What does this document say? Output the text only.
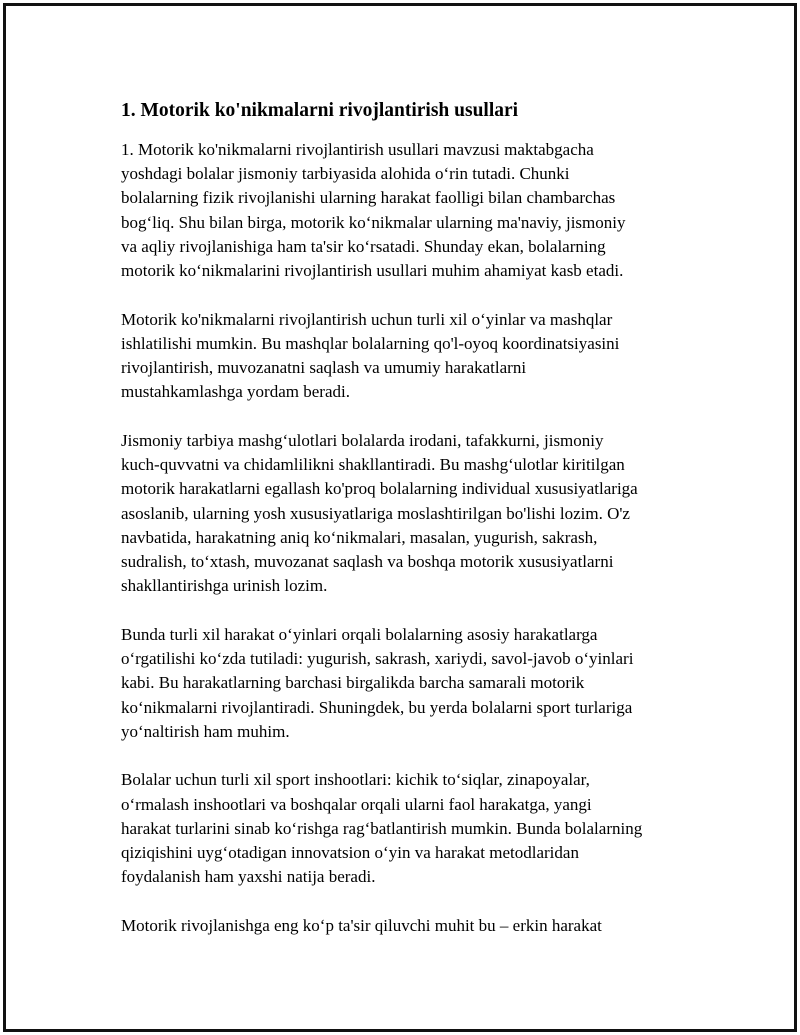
1. Motorik ko'nikmalarni rivojlantirish usullari

1. Motorik ko'nikmalarni rivojlantirish usullari mavzusi maktabgacha
yoshdagi bolalar jismoniy tarbiyasida alohida o‘rin tutadi. Chunki
bolalarning fizik rivojlanishi ularning harakat faolligi bilan chambarchas
bog‘liq. Shu bilan birga, motorik ko‘nikmalar ularning ma'naviy, jismoniy
va aqliy rivojlanishiga ham ta'sir ko‘rsatadi. Shunday ekan, bolalarning
motorik ko‘nikmalarini rivojlantirish usullari muhim ahamiyat kasb etadi.

Motorik ko'nikmalarni rivojlantirish uchun turli xil o‘yinlar va mashqlar
ishlatilishi mumkin. Bu mashqlar bolalarning qo'l-oyoq koordinatsiyasini
rivojlantirish, muvozanatni saqlash va umumiy harakatlarni
mustahkamlashga yordam beradi.

Jismoniy tarbiya mashg‘ulotlari bolalarda irodani, tafakkurni, jismoniy
kuch-quvvatni va chidamlilikni shakllantiradi. Bu mashg‘ulotlar kiritilgan
motorik harakatlarni egallash ko'proq bolalarning individual xususiyatlariga
asoslanib, ularning yosh xususiyatlariga moslashtirilgan bo'lishi lozim. O'z
navbatida, harakatning aniq ko‘nikmalari, masalan, yugurish, sakrash,
sudralish, to‘xtash, muvozanat saqlash va boshqa motorik xususiyatlarni
shakllantirishga urinish lozim.

Bunda turli xil harakat o‘yinlari orqali bolalarning asosiy harakatlarga
o‘rgatilishi ko‘zda tutiladi: yugurish, sakrash, xariydi, savol-javob o‘yinlari
kabi. Bu harakatlarning barchasi birgalikda barcha samarali motorik
ko‘nikmalarni rivojlantiradi. Shuningdek, bu yerda bolalarni sport turlariga
yo‘naltirish ham muhim.

Bolalar uchun turli xil sport inshootlari: kichik to‘siqlar, zinapoyalar,
o‘rmalash inshootlari va boshqalar orqali ularni faol harakatga, yangi
harakat turlarini sinab ko‘rishga rag‘batlantirish mumkin. Bunda bolalarning
qiziqishini uyg‘otadigan innovatsion o‘yin va harakat metodlaridan
foydalanish ham yaxshi natija beradi.

Motorik rivojlanishga eng ko‘p ta'sir qiluvchi muhit bu – erkin harakat
